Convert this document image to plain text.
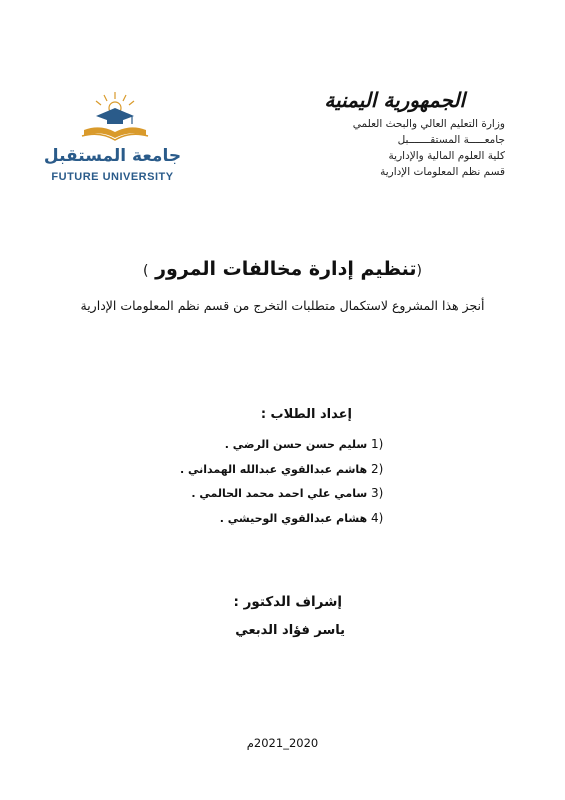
الجمهورية اليمنية
وزارة التعليم العالي والبحث العلمي
جامعـــــة المستقـــــــبل
كلية العلوم المالية والإدارية
قسم نظم المعلومات الإدارية
جامعة المستقبل
FUTURE UNIVERSITY
(تنظيم إدارة مخالفات المرور )
أنجز هذا المشروع لاستكمال متطلبات التخرج من قسم نظم المعلومات الإدارية
إعداد الطلاب :
1) سليم حسن حسن الرضي .
2) هاشم عبدالقوي عبدالله الهمداني .
3) سامي علي احمد محمد الحالمي .
4) هشام عبدالقوي الوحيشي .
إشراف الدكتور :
ياسر فؤاد الدبعي
2020_2021م
